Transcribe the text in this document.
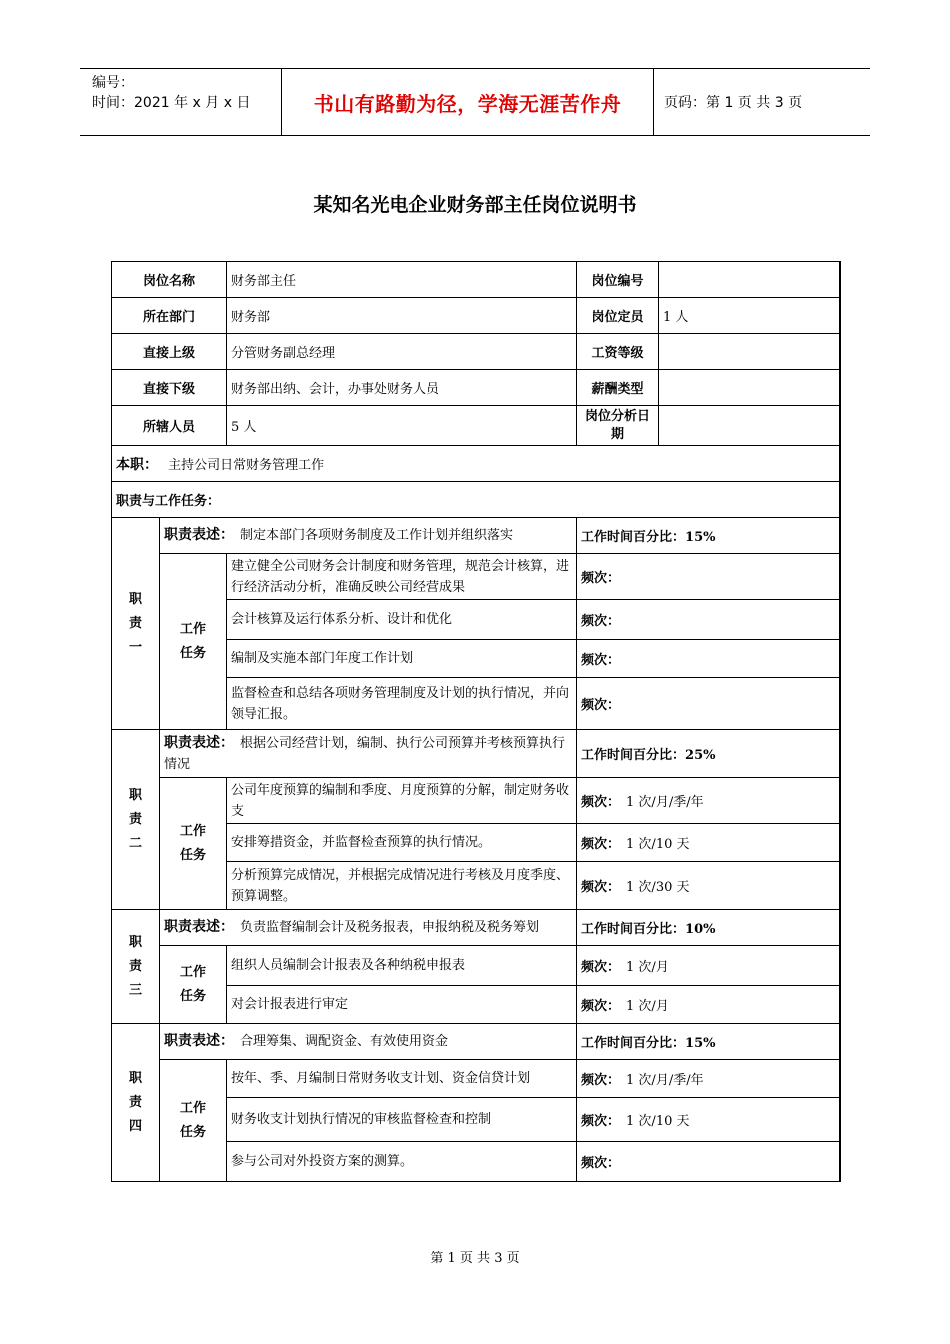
编号：
时间：2021 年 x 月 x 日	书山有路勤为径，学海无涯苦作舟	页码：第 1 页 共 3 页
某知名光电企业财务部主任岗位说明书
岗位名称		财务部主任	岗位编号	
所在部门		财务部	岗位定员	1 人
直接上级		分管财务副总经理	工资等级	
直接下级		财务部出纳、会计，办事处财务人员	薪酬类型	
所辖人员		5 人	岗位分析日期	
本职： 主持公司日常财务管理工作				
职责与工作任务：				

职责一	职责表述： 制定本部门各项财务制度及工作计划并组织落实		工作时间百分比：15%	

	工作任务	建立健全公司财务会计制度和财务管理，规范会计核算，进行经济活动分析，准确反映公司经营成果	频次：	
		会计核算及运行体系分析、设计和优化	频次：	
		编制及实施本部门年度工作计划	频次：	
		监督检查和总结各项财务管理制度及计划的执行情况，并向领导汇报。	频次：	

职责二	职责表述： 根据公司经营计划，编制、执行公司预算并考核预算执行情况		工作时间百分比：25%	

	工作任务	公司年度预算的编制和季度、月度预算的分解，制定财务收支	频次： 1 次/月/季/年	
		安排筹措资金，并监督检查预算的执行情况。	频次： 1 次/10 天	
		分析预算完成情况，并根据完成情况进行考核及月度季度、预算调整。	频次： 1 次/30 天	

职责三	职责表述： 负责监督编制会计及税务报表，申报纳税及税务筹划		工作时间百分比：10%	

	工作任务	组织人员编制会计报表及各种纳税申报表	频次： 1 次/月	
		对会计报表进行审定	频次： 1 次/月	

职责四	职责表述： 合理筹集、调配资金、有效使用资金		工作时间百分比：15%	

	工作任务	按年、季、月编制日常财务收支计划、资金信贷计划	频次： 1 次/月/季/年	
		财务收支计划执行情况的审核监督检查和控制	频次： 1 次/10 天	
		参与公司对外投资方案的测算。	频次：	
第 1 页 共 3 页
